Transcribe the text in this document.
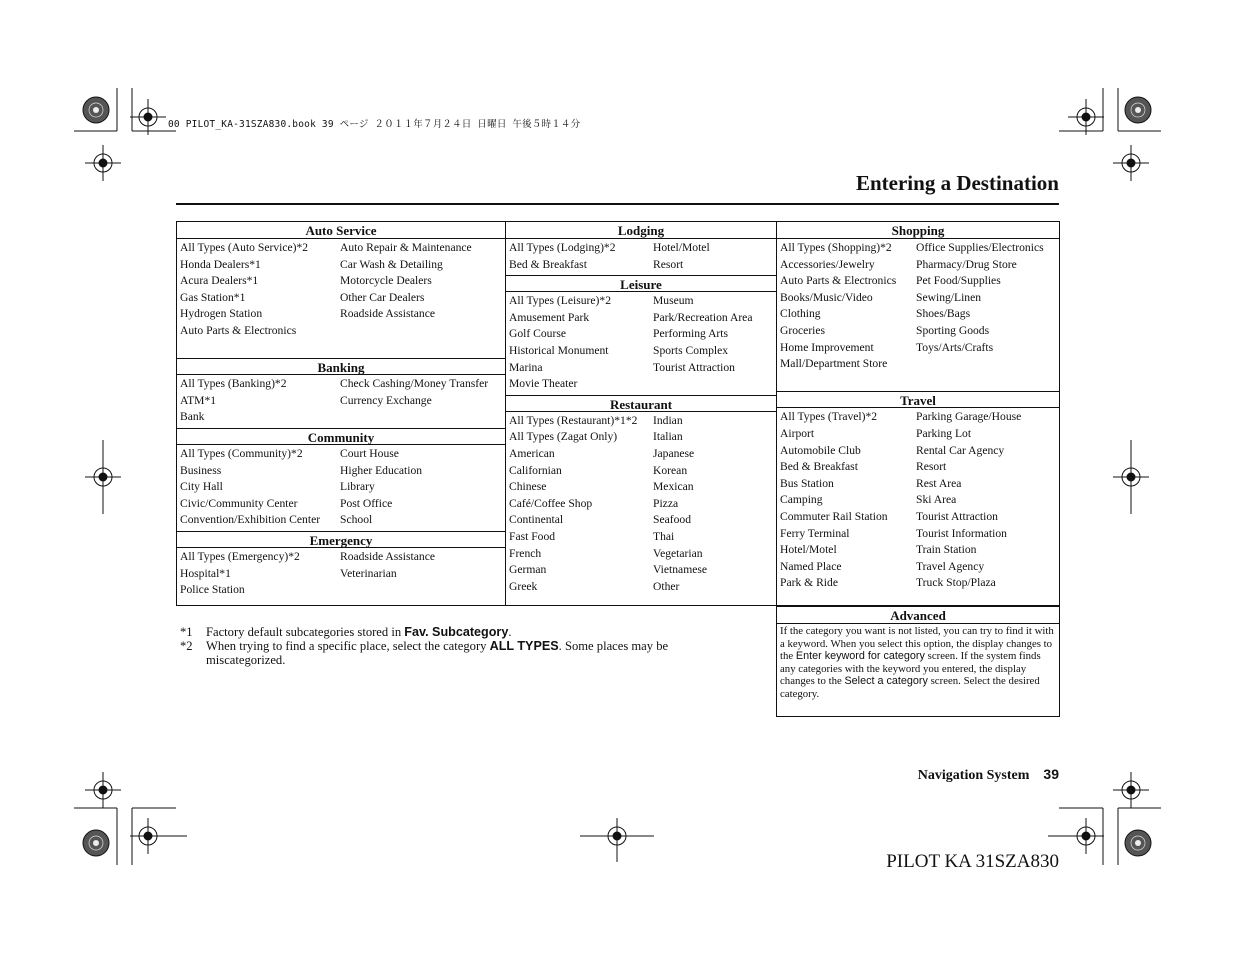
00 PILOT_KA-31SZA830.book 39 ページ ２０１１年７月２４日 日曜日 午後５時１４分
Entering a Destination
Auto Service
All Types (Auto Service)*2	Auto Repair & Maintenance
Honda Dealers*1	Car Wash & Detailing
Acura Dealers*1	Motorcycle Dealers
Gas Station*1	Other Car Dealers
Hydrogen Station	Roadside Assistance
Auto Parts & Electronics

Banking
All Types (Banking)*2	Check Cashing/Money Transfer
ATM*1	Currency Exchange
Bank
Community
All Types (Community)*2	Court House
Business	Higher Education
City Hall	Library
Civic/Community Center	Post Office
Convention/Exhibition Center	School
Emergency
All Types (Emergency)*2	Roadside Assistance
Hospital*1	Veterinarian
Police Station
Lodging
All Types (Lodging)*2	Hotel/Motel
Bed & Breakfast	Resort
Leisure
All Types (Leisure)*2	Museum
Amusement Park	Park/Recreation Area
Golf Course	Performing Arts
Historical Monument	Sports Complex
Marina	Tourist Attraction
Movie Theater
Restaurant
All Types (Restaurant)*1*2	Indian
All Types (Zagat Only)	Italian
American	Japanese
Californian	Korean
Chinese	Mexican
Café/Coffee Shop	Pizza
Continental	Seafood
Fast Food	Thai
French	Vegetarian
German	Vietnamese
Greek	Other
Shopping
All Types (Shopping)*2	Office Supplies/Electronics
Accessories/Jewelry	Pharmacy/Drug Store
Auto Parts & Electronics	Pet Food/Supplies
Books/Music/Video	Sewing/Linen
Clothing	Shoes/Bags
Groceries	Sporting Goods
Home Improvement	Toys/Arts/Crafts
Mall/Department Store

Travel
All Types (Travel)*2	Parking Garage/House
Airport	Parking Lot
Automobile Club	Rental Car Agency
Bed & Breakfast	Resort
Bus Station	Rest Area
Camping	Ski Area
Commuter Rail Station	Tourist Attraction
Ferry Terminal	Tourist Information
Hotel/Motel	Train Station
Named Place	Travel Agency
Park & Ride	Truck Stop/Plaza
Advanced
If the category you want is not listed, you can try to find it with a keyword. When you select this option, the display changes to the Enter keyword for category screen. If the system finds any categories with the keyword you entered, the display changes to the Select a category screen. Select the desired category.
*1	Factory default subcategories stored in Fav. Subcategory.
*2	When trying to find a specific place, select the category ALL TYPES. Some places may be miscategorized.
Navigation System 39
PILOT KA 31SZA830
